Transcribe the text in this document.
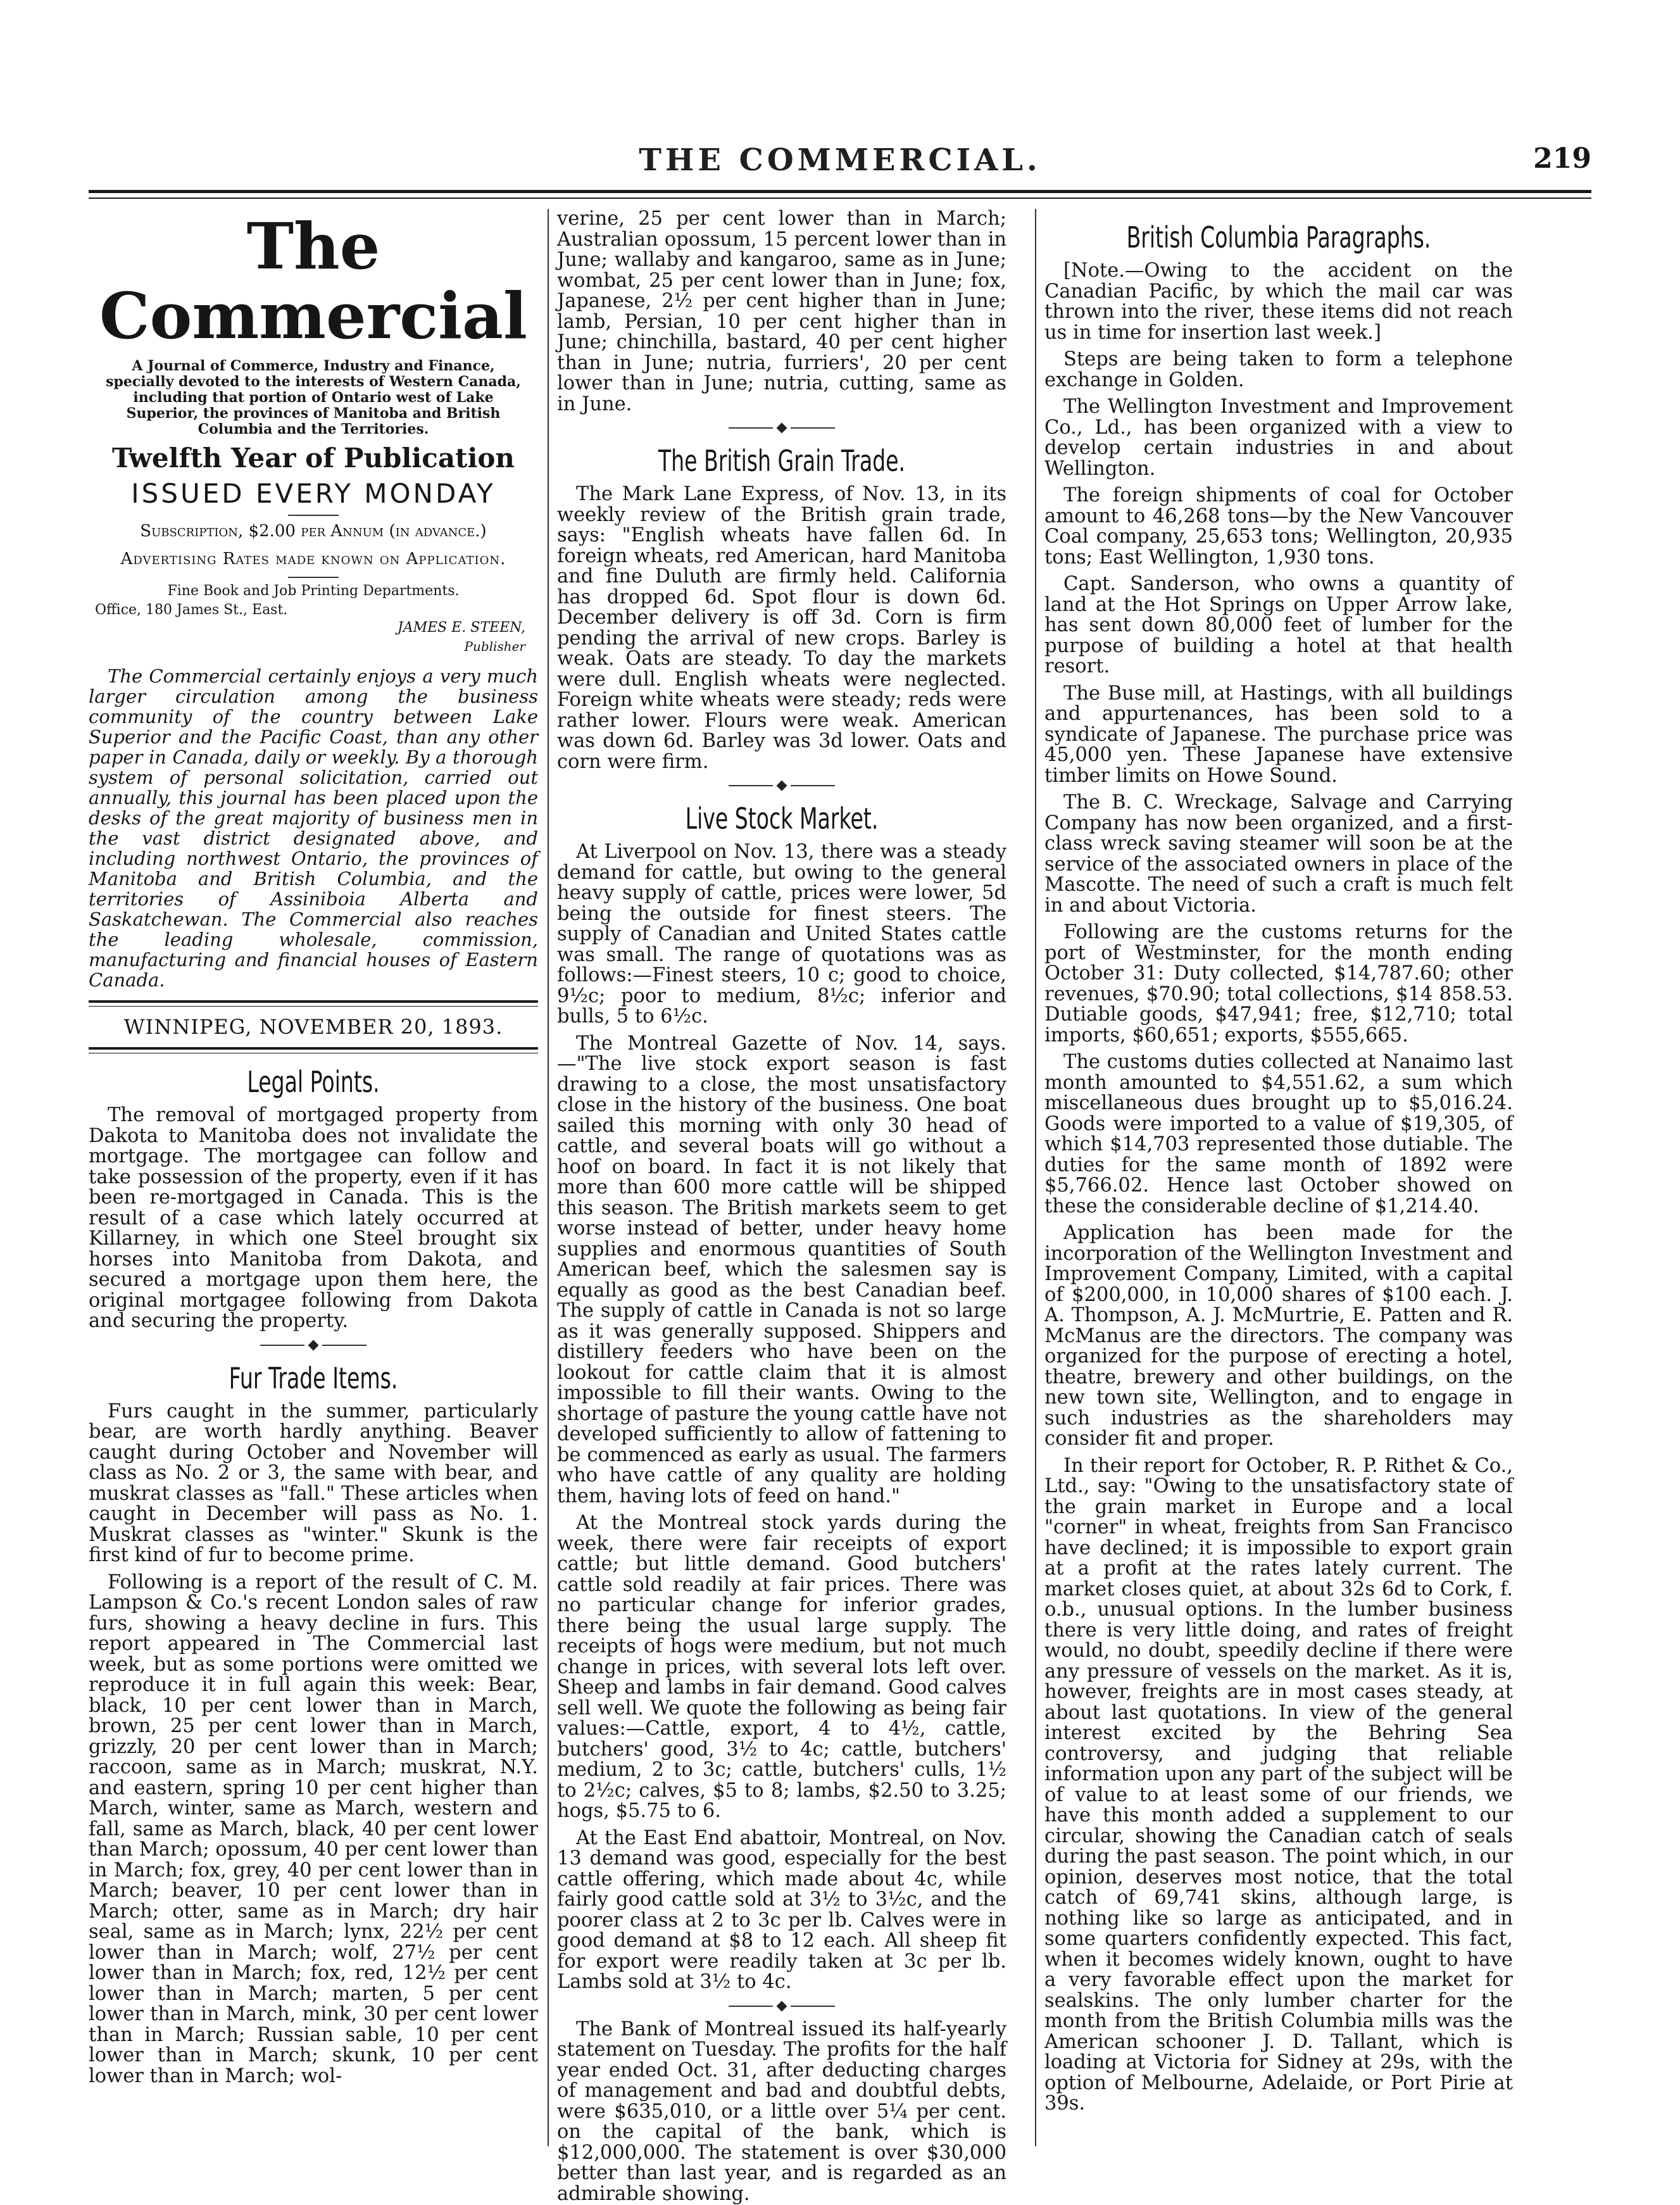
THE COMMERCIAL.	219
The Commercial

A Journal of Commerce, Industry and Finance, specially devoted to the interests of Western Canada, including that portion of Ontario west of Lake Superior, the provinces of Manitoba and British Columbia and the Territories.

Twelfth Year of Publication

ISSUED EVERY MONDAY

Subscription, $2.00 per Annum (in advance.)

Advertising Rates made known on Application.

Fine Book and Job Printing Departments.

Office, 180 James St., East.

JAMES E. STEEN,

Publisher

The Commercial certainly enjoys a very much larger circulation among the business community of the country between Lake Superior and the Pacific Coast, than any other paper in Canada, daily or weekly. By a thorough system of personal solicitation, carried out annually, this journal has been placed upon the desks of the great majority of business men in the vast district designated above, and including northwest Ontario, the provinces of Manitoba and British Columbia, and the territories of Assiniboia Alberta and Saskatchewan. The Commercial also reaches the leading wholesale, commission, manufacturing and financial houses of Eastern Canada.

WINNIPEG, NOVEMBER 20, 1893.

Legal Points.

The removal of mortgaged property from Dakota to Manitoba does not invalidate the mortgage. The mortgagee can follow and take possession of the property, even if it has been re-mortgaged in Canada. This is the result of a case which lately occurred at Killarney, in which one Steel brought six horses into Manitoba from Dakota, and secured a mortgage upon them here, the original mortgagee following from Dakota and securing the property.

Fur Trade Items.

Furs caught in the summer, particularly bear, are worth hardly anything. Beaver caught during October and November will class as No. 2 or 3, the same with bear, and muskrat classes as "fall." These articles when caught in December will pass as No. 1. Muskrat classes as "winter." Skunk is the first kind of fur to become prime.

Following is a report of the result of C. M. Lampson & Co.'s recent London sales of raw furs, showing a heavy decline in furs. This report appeared in The Commercial last week, but as some portions were omitted we reproduce it in full again this week: Bear, black, 10 per cent lower than in March, brown, 25 per cent lower than in March, grizzly, 20 per cent lower than in March; raccoon, same as in March; muskrat, N.Y. and eastern, spring 10 per cent higher than March, winter, same as March, western and fall, same as March, black, 40 per cent lower than March; opossum, 40 per cent lower than in March; fox, grey, 40 per cent lower than in March; beaver, 10 per cent lower than in March; otter, same as in March; dry hair seal, same as in March; lynx, 22½ per cent lower than in March; wolf, 27½ per cent lower than in March; fox, red, 12½ per cent lower than in March; marten, 5 per cent lower than in March, mink, 30 per cent lower than in March; Russian sable, 10 per cent lower than in March; skunk, 10 per cent lower than in March; wol-

verine, 25 per cent lower than in March; Australian opossum, 15 percent lower than in June; wallaby and kangaroo, same as in June; wombat, 25 per cent lower than in June; fox, Japanese, 2½ per cent higher than in June; lamb, Persian, 10 per cent higher than in June; chinchilla, bastard, 40 per cent higher than in June; nutria, furriers', 20 per cent lower than in June; nutria, cutting, same as in June.

The British Grain Trade.

The Mark Lane Express, of Nov. 13, in its weekly review of the British grain trade, says: "English wheats have fallen 6d. In foreign wheats, red American, hard Manitoba and fine Duluth are firmly held. California has dropped 6d. Spot flour is down 6d. December delivery is off 3d. Corn is firm pending the arrival of new crops. Barley is weak. Oats are steady. To day the markets were dull. English wheats were neglected. Foreign white wheats were steady; reds were rather lower. Flours were weak. American was down 6d. Barley was 3d lower. Oats and corn were firm.

Live Stock Market.

At Liverpool on Nov. 13, there was a steady demand for cattle, but owing to the general heavy supply of cattle, prices were lower, 5d being the outside for finest steers. The supply of Canadian and United States cattle was small. The range of quotations was as follows:—Finest steers, 10 c; good to choice, 9½c; poor to medium, 8½c; inferior and bulls, 5 to 6½c.

The Montreal Gazette of Nov. 14, says.—"The live stock export season is fast drawing to a close, the most unsatisfactory close in the history of the business. One boat sailed this morning with only 30 head of cattle, and several boats will go without a hoof on board. In fact it is not likely that more than 600 more cattle will be shipped this season. The British markets seem to get worse instead of better, under heavy home supplies and enormous quantities of South American beef, which the salesmen say is equally as good as the best Canadian beef. The supply of cattle in Canada is not so large as it was generally supposed. Shippers and distillery feeders who have been on the lookout for cattle claim that it is almost impossible to fill their wants. Owing to the shortage of pasture the young cattle have not developed sufficiently to allow of fattening to be commenced as early as usual. The farmers who have cattle of any quality are holding them, having lots of feed on hand."

At the Montreal stock yards during the week, there were fair receipts of export cattle; but little demand. Good butchers' cattle sold readily at fair prices. There was no particular change for inferior grades, there being the usual large supply. The receipts of hogs were medium, but not much change in prices, with several lots left over. Sheep and lambs in fair demand. Good calves sell well. We quote the following as being fair values:—Cattle, export, 4 to 4½, cattle, butchers' good, 3½ to 4c; cattle, butchers' medium, 2 to 3c; cattle, butchers' culls, 1½ to 2½c; calves, $5 to 8; lambs, $2.50 to 3.25; hogs, $5.75 to 6.

At the East End abattoir, Montreal, on Nov. 13 demand was good, especially for the best cattle offering, which made about 4c, while fairly good cattle sold at 3½ to 3½c, and the poorer class at 2 to 3c per lb. Calves were in good demand at $8 to 12 each. All sheep fit for export were readily taken at 3c per lb. Lambs sold at 3½ to 4c.

The Bank of Montreal issued its half-yearly statement on Tuesday. The profits for the half year ended Oct. 31, after deducting charges of management and bad and doubtful debts, were $635,010, or a little over 5¼ per cent. on the capital of the bank, which is $12,000,000. The statement is over $30,000 better than last year, and is regarded as an admirable showing.

British Columbia Paragraphs.

[Note.—Owing to the accident on the Canadian Pacific, by which the mail car was thrown into the river, these items did not reach us in time for insertion last week.]

Steps are being taken to form a telephone exchange in Golden.

The Wellington Investment and Improvement Co., Ld., has been organized with a view to develop certain industries in and about Wellington.

The foreign shipments of coal for October amount to 46,268 tons—by the New Vancouver Coal company, 25,653 tons; Wellington, 20,935 tons; East Wellington, 1,930 tons.

Capt. Sanderson, who owns a quantity of land at the Hot Springs on Upper Arrow lake, has sent down 80,000 feet of lumber for the purpose of building a hotel at that health resort.

The Buse mill, at Hastings, with all buildings and appurtenances, has been sold to a syndicate of Japanese. The purchase price was 45,000 yen. These Japanese have extensive timber limits on Howe Sound.

The B. C. Wreckage, Salvage and Carrying Company has now been organized, and a first-class wreck saving steamer will soon be at the service of the associated owners in place of the Mascotte. The need of such a craft is much felt in and about Victoria.

Following are the customs returns for the port of Westminster, for the month ending October 31: Duty collected, $14,787.60; other revenues, $70.90; total collections, $14 858.53. Dutiable goods, $47,941; free, $12,710; total imports, $60,651; exports, $555,665.

The customs duties collected at Nanaimo last month amounted to $4,551.62, a sum which miscellaneous dues brought up to $5,016.24. Goods were imported to a value of $19,305, of which $14,703 represented those dutiable. The duties for the same month of 1892 were $5,766.02. Hence last October showed on these the considerable decline of $1,214.40.

Application has been made for the incorporation of the Wellington Investment and Improvement Company, Limited, with a capital of $200,000, in 10,000 shares of $100 each. J. A. Thompson, A. J. McMurtrie, E. Patten and R. McManus are the directors. The company was organized for the purpose of erecting a hotel, theatre, brewery and other buildings, on the new town site, Wellington, and to engage in such industries as the shareholders may consider fit and proper.

In their report for October, R. P. Rithet & Co., Ltd., say: "Owing to the unsatisfactory state of the grain market in Europe and a local "corner" in wheat, freights from San Francisco have declined; it is impossible to export grain at a profit at the rates lately current. The market closes quiet, at about 32s 6d to Cork, f. o.b., unusual options. In the lumber business there is very little doing, and rates of freight would, no doubt, speedily decline if there were any pressure of vessels on the market. As it is, however, freights are in most cases steady, at about last quotations. In view of the general interest excited by the Behring Sea controversy, and judging that reliable information upon any part of the subject will be of value to at least some of our friends, we have this month added a supplement to our circular, showing the Canadian catch of seals during the past season. The point which, in our opinion, deserves most notice, that the total catch of 69,741 skins, although large, is nothing like so large as anticipated, and in some quarters confidently expected. This fact, when it becomes widely known, ought to have a very favorable effect upon the market for sealskins. The only lumber charter for the month from the British Columbia mills was the American schooner J. D. Tallant, which is loading at Victoria for Sidney at 29s, with the option of Melbourne, Adelaide, or Port Pirie at 39s.
